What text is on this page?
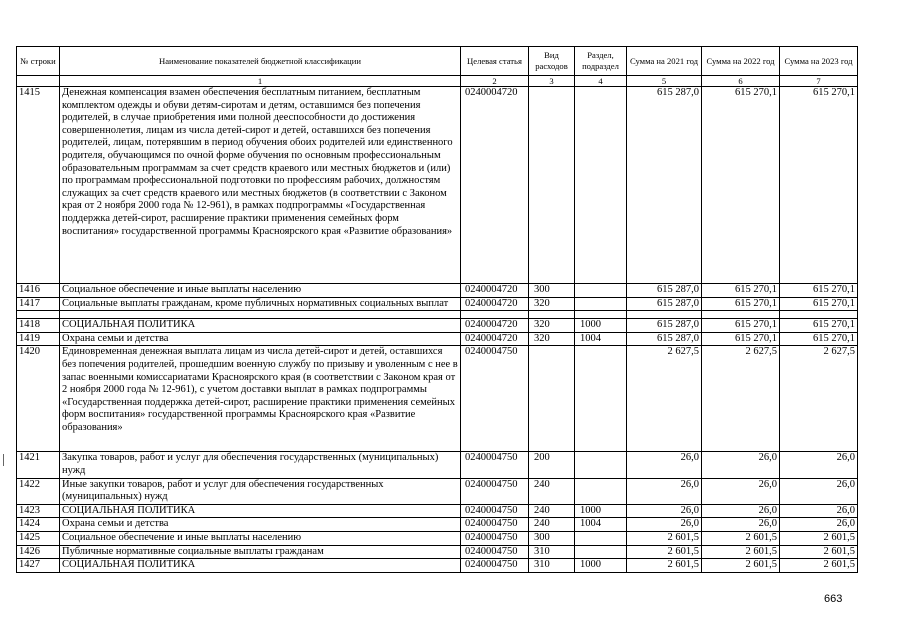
№ строки	Наименование показателей бюджетной классификации	Целевая статья	Вид расходов	Раздел, подраздел	Сумма на 2021 год	Сумма на 2022 год	Сумма на 2023 год
	1	2	3	4	5	6	7
1415	Денежная компенсация взамен обеспечения бесплатным питанием, бесплатным комплектом одежды и обуви детям-сиротам и детям, оставшимся без попечения родителей, в случае приобретения ими полной дееспособности до достижения совершеннолетия, лицам из числа детей-сирот и детей, оставшихся без попечения родителей, лицам, потерявшим в период обучения обоих родителей или единственного родителя, обучающимся по очной форме обучения по основным профессиональным образовательным программам за счет средств краевого или местных бюджетов и (или) по программам профессиональной подготовки по профессиям рабочих, должностям служащих за счет средств краевого или местных бюджетов (в соответствии с Законом края от 2 ноября 2000 года № 12-961), в рамках подпрограммы «Государственная поддержка детей-сирот, расширение практики применения семейных форм воспитания» государственной программы Красноярского края «Развитие образования»	0240004720			615 287,0	615 270,1	615 270,1
1416	Социальное обеспечение и иные выплаты населению	0240004720	300		615 287,0	615 270,1	615 270,1
1417	Социальные выплаты гражданам, кроме публичных нормативных социальных выплат	0240004720	320		615 287,0	615 270,1	615 270,1

1418	СОЦИАЛЬНАЯ ПОЛИТИКА	0240004720	320	1000	615 287,0	615 270,1	615 270,1
1419	Охрана семьи и детства	0240004720	320	1004	615 287,0	615 270,1	615 270,1
1420	Единовременная денежная выплата лицам из числа детей-сирот и детей, оставшихся без попечения родителей, прошедшим военную службу по призыву и уволенным с нее в запас военными комиссариатами Красноярского края (в соответствии с Законом края от 2 ноября 2000 года № 12-961), с учетом доставки выплат в рамках подпрограммы «Государственная поддержка детей-сирот, расширение практики применения семейных форм воспитания» государственной программы Красноярского края «Развитие образования»	0240004750			2 627,5	2 627,5	2 627,5
1421	Закупка товаров, работ и услуг для обеспечения государственных (муниципальных) нужд	0240004750	200		26,0	26,0	26,0
1422	Иные закупки товаров, работ и услуг для обеспечения государственных (муниципальных) нужд	0240004750	240		26,0	26,0	26,0
1423	СОЦИАЛЬНАЯ ПОЛИТИКА	0240004750	240	1000	26,0	26,0	26,0
1424	Охрана семьи и детства	0240004750	240	1004	26,0	26,0	26,0
1425	Социальное обеспечение и иные выплаты населению	0240004750	300		2 601,5	2 601,5	2 601,5
1426	Публичные нормативные социальные выплаты гражданам	0240004750	310		2 601,5	2 601,5	2 601,5
1427	СОЦИАЛЬНАЯ ПОЛИТИКА	0240004750	310	1000	2 601,5	2 601,5	2 601,5
663
